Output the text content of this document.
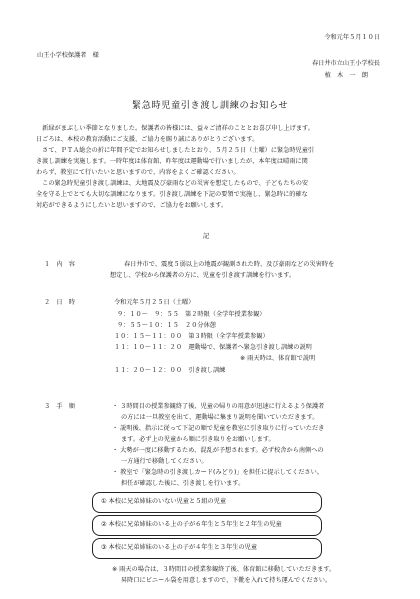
令和元年５月１０日
山王小学校保護者　様
春日井市立山王小学校長
植　木　一　朗
緊急時児童引き渡し訓練のお知らせ
　新緑がまぶしい季節となりました。保護者の皆様には、益々ご清祥のこととお喜び申し上げます。
日ごろは、本校の教育活動にご支援、ご協力を賜り誠にありがとうございます。
　さて、ＰＴＡ総会の折に年間予定でお知らせしましたとおり、５月２５日（土曜）に緊急時児童引
き渡し訓練を実施します。一時年度は体育館、昨年度は運動場で行いましたが、本年度は晴雨に関
わらず、教室にて行いたいと思いますので、内容をよくご確認ください。
　この緊急時児童引き渡し訓練は、大地震及び豪雨などの災害を想定したもので、子どもたちの安
全を守る上でとても大切な訓練になります。引き渡し訓練を下記の要領で実施し、緊急時に的確な
対応ができるようにしたいと思いますので、ご協力をお願いします。
記
１　内　容	春日井市で、震度５弱以上の地震が観測された時、及び豪雨などの災害時を
想定し、学校から保護者の方に、児童を引き渡す訓練を行います。
２　日　時	令和元年５月２５日（土曜）
９：１０～　９：５５　第２時限（全学年授業参観）
９：５５～１０：１５　２０分休憩
１０：１５～１１：００　第３時限（全学年授業参観）
１１：１０～１１：２０　運動場で、保護者へ緊急引き渡し訓練の説明
※ 雨天時は、体育館で説明
１１：２０～１２：００　引き渡し訓練
３　手　順	・ ３時間目の授業参観終了後、児童の帰りの用意が迅速に行えるよう保護者
の方には一旦教室を出て、運動場に集まり説明を聞いていただきます。
・ 説明後、指示に従って下記の順で児童を教室に引き取りに行っていただき
ます。必ず上の児童から順に引き取りをお願いします。
・ 大勢が一度に移動するため、混乱が予想されます。必ず校舎から南側への
一方通行で移動してください。
・ 教室で「緊急時の引き渡しカード(みどり)」を担任に提示してください。
担任が確認した後に、引き渡しを行います。
① 本校に兄弟姉妹のいない児童と５組の児童
② 本校に兄弟姉妹のいる上の子が６年生と５年生と２年生の児童
③ 本校に兄弟姉妹のいる上の子が４年生と３年生の児童
※ 雨天の場合は、３時間目の授業参観終了後、体育館に移動していただきます。
昇降口にビニール袋を用意しますので、下靴を入れて持ち運んでください。
